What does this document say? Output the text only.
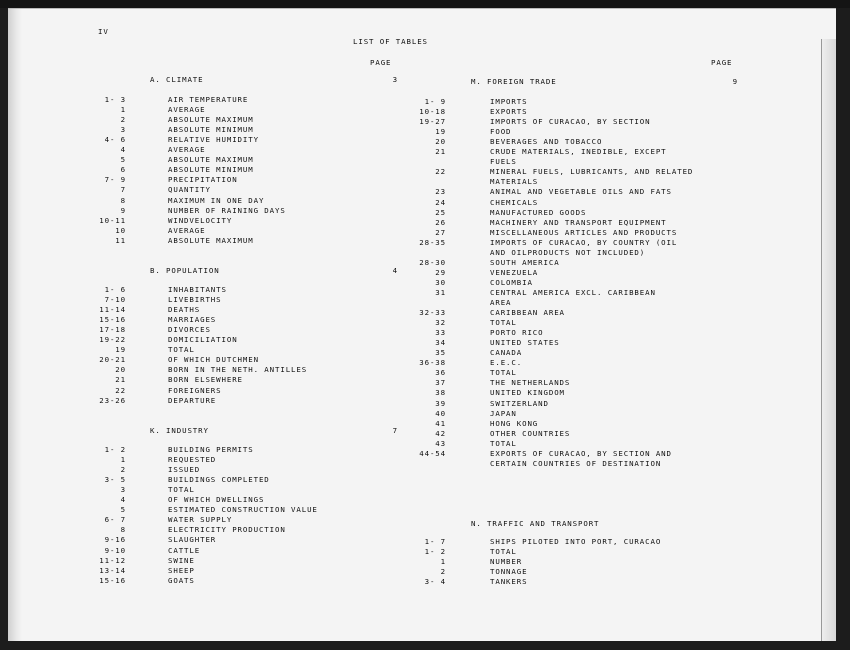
IV
LIST OF TABLES
PAGE	PAGE
A. CLIMATE	3
1- 3	AIR TEMPERATURE
1	AVERAGE
2	ABSOLUTE MAXIMUM
3	ABSOLUTE MINIMUM
4- 6	RELATIVE HUMIDITY
4	AVERAGE
5	ABSOLUTE MAXIMUM
6	ABSOLUTE MINIMUM
7- 9	PRECIPITATION
7	QUANTITY
8	MAXIMUM IN ONE DAY
9	NUMBER OF RAINING DAYS
10-11	WINDVELOCITY
10	AVERAGE
11	ABSOLUTE MAXIMUM
B. POPULATION	4
1- 6	INHABITANTS
7-10	LIVEBIRTHS
11-14	DEATHS
15-16	MARRIAGES
17-18	DIVORCES
19-22	DOMICILIATION
19	TOTAL
20-21	OF WHICH DUTCHMEN
20	BORN IN THE NETH. ANTILLES
21	BORN ELSEWHERE
22	FOREIGNERS
23-26	DEPARTURE
K. INDUSTRY	7
1- 2	BUILDING PERMITS
1	REQUESTED
2	ISSUED
3- 5	BUILDINGS COMPLETED
3	TOTAL
4	OF WHICH DWELLINGS
5	ESTIMATED CONSTRUCTION VALUE
6- 7	WATER SUPPLY
8	ELECTRICITY PRODUCTION
9-16	SLAUGHTER
9-10	CATTLE
11-12	SWINE
13-14	SHEEP
15-16	GOATS
M. FOREIGN TRADE	9
1- 9	IMPORTS
10-18	EXPORTS
19-27	IMPORTS OF CURACAO, BY SECTION
19	FOOD
20	BEVERAGES AND TOBACCO
21	CRUDE MATERIALS, INEDIBLE, EXCEPT
FUELS
22	MINERAL FUELS, LUBRICANTS, AND RELATED
MATERIALS
23	ANIMAL AND VEGETABLE OILS AND FATS
24	CHEMICALS
25	MANUFACTURED GOODS
26	MACHINERY AND TRANSPORT EQUIPMENT
27	MISCELLANEOUS ARTICLES AND PRODUCTS
28-35	IMPORTS OF CURACAO, BY COUNTRY (OIL
AND OILPRODUCTS NOT INCLUDED)
28-30	SOUTH AMERICA
29	VENEZUELA
30	COLOMBIA
31	CENTRAL AMERICA EXCL. CARIBBEAN
AREA
32-33	CARIBBEAN AREA
32	TOTAL
33	PORTO RICO
34	UNITED STATES
35	CANADA
36-38	E.E.C.
36	TOTAL
37	THE NETHERLANDS
38	UNITED KINGDOM
39	SWITZERLAND
40	JAPAN
41	HONG KONG
42	OTHER COUNTRIES
43	TOTAL
44-54	EXPORTS OF CURACAO, BY SECTION AND
CERTAIN COUNTRIES OF DESTINATION
N. TRAFFIC AND TRANSPORT
1- 7	SHIPS PILOTED INTO PORT, CURACAO
1- 2	TOTAL
1	NUMBER
2	TONNAGE
3- 4	TANKERS
